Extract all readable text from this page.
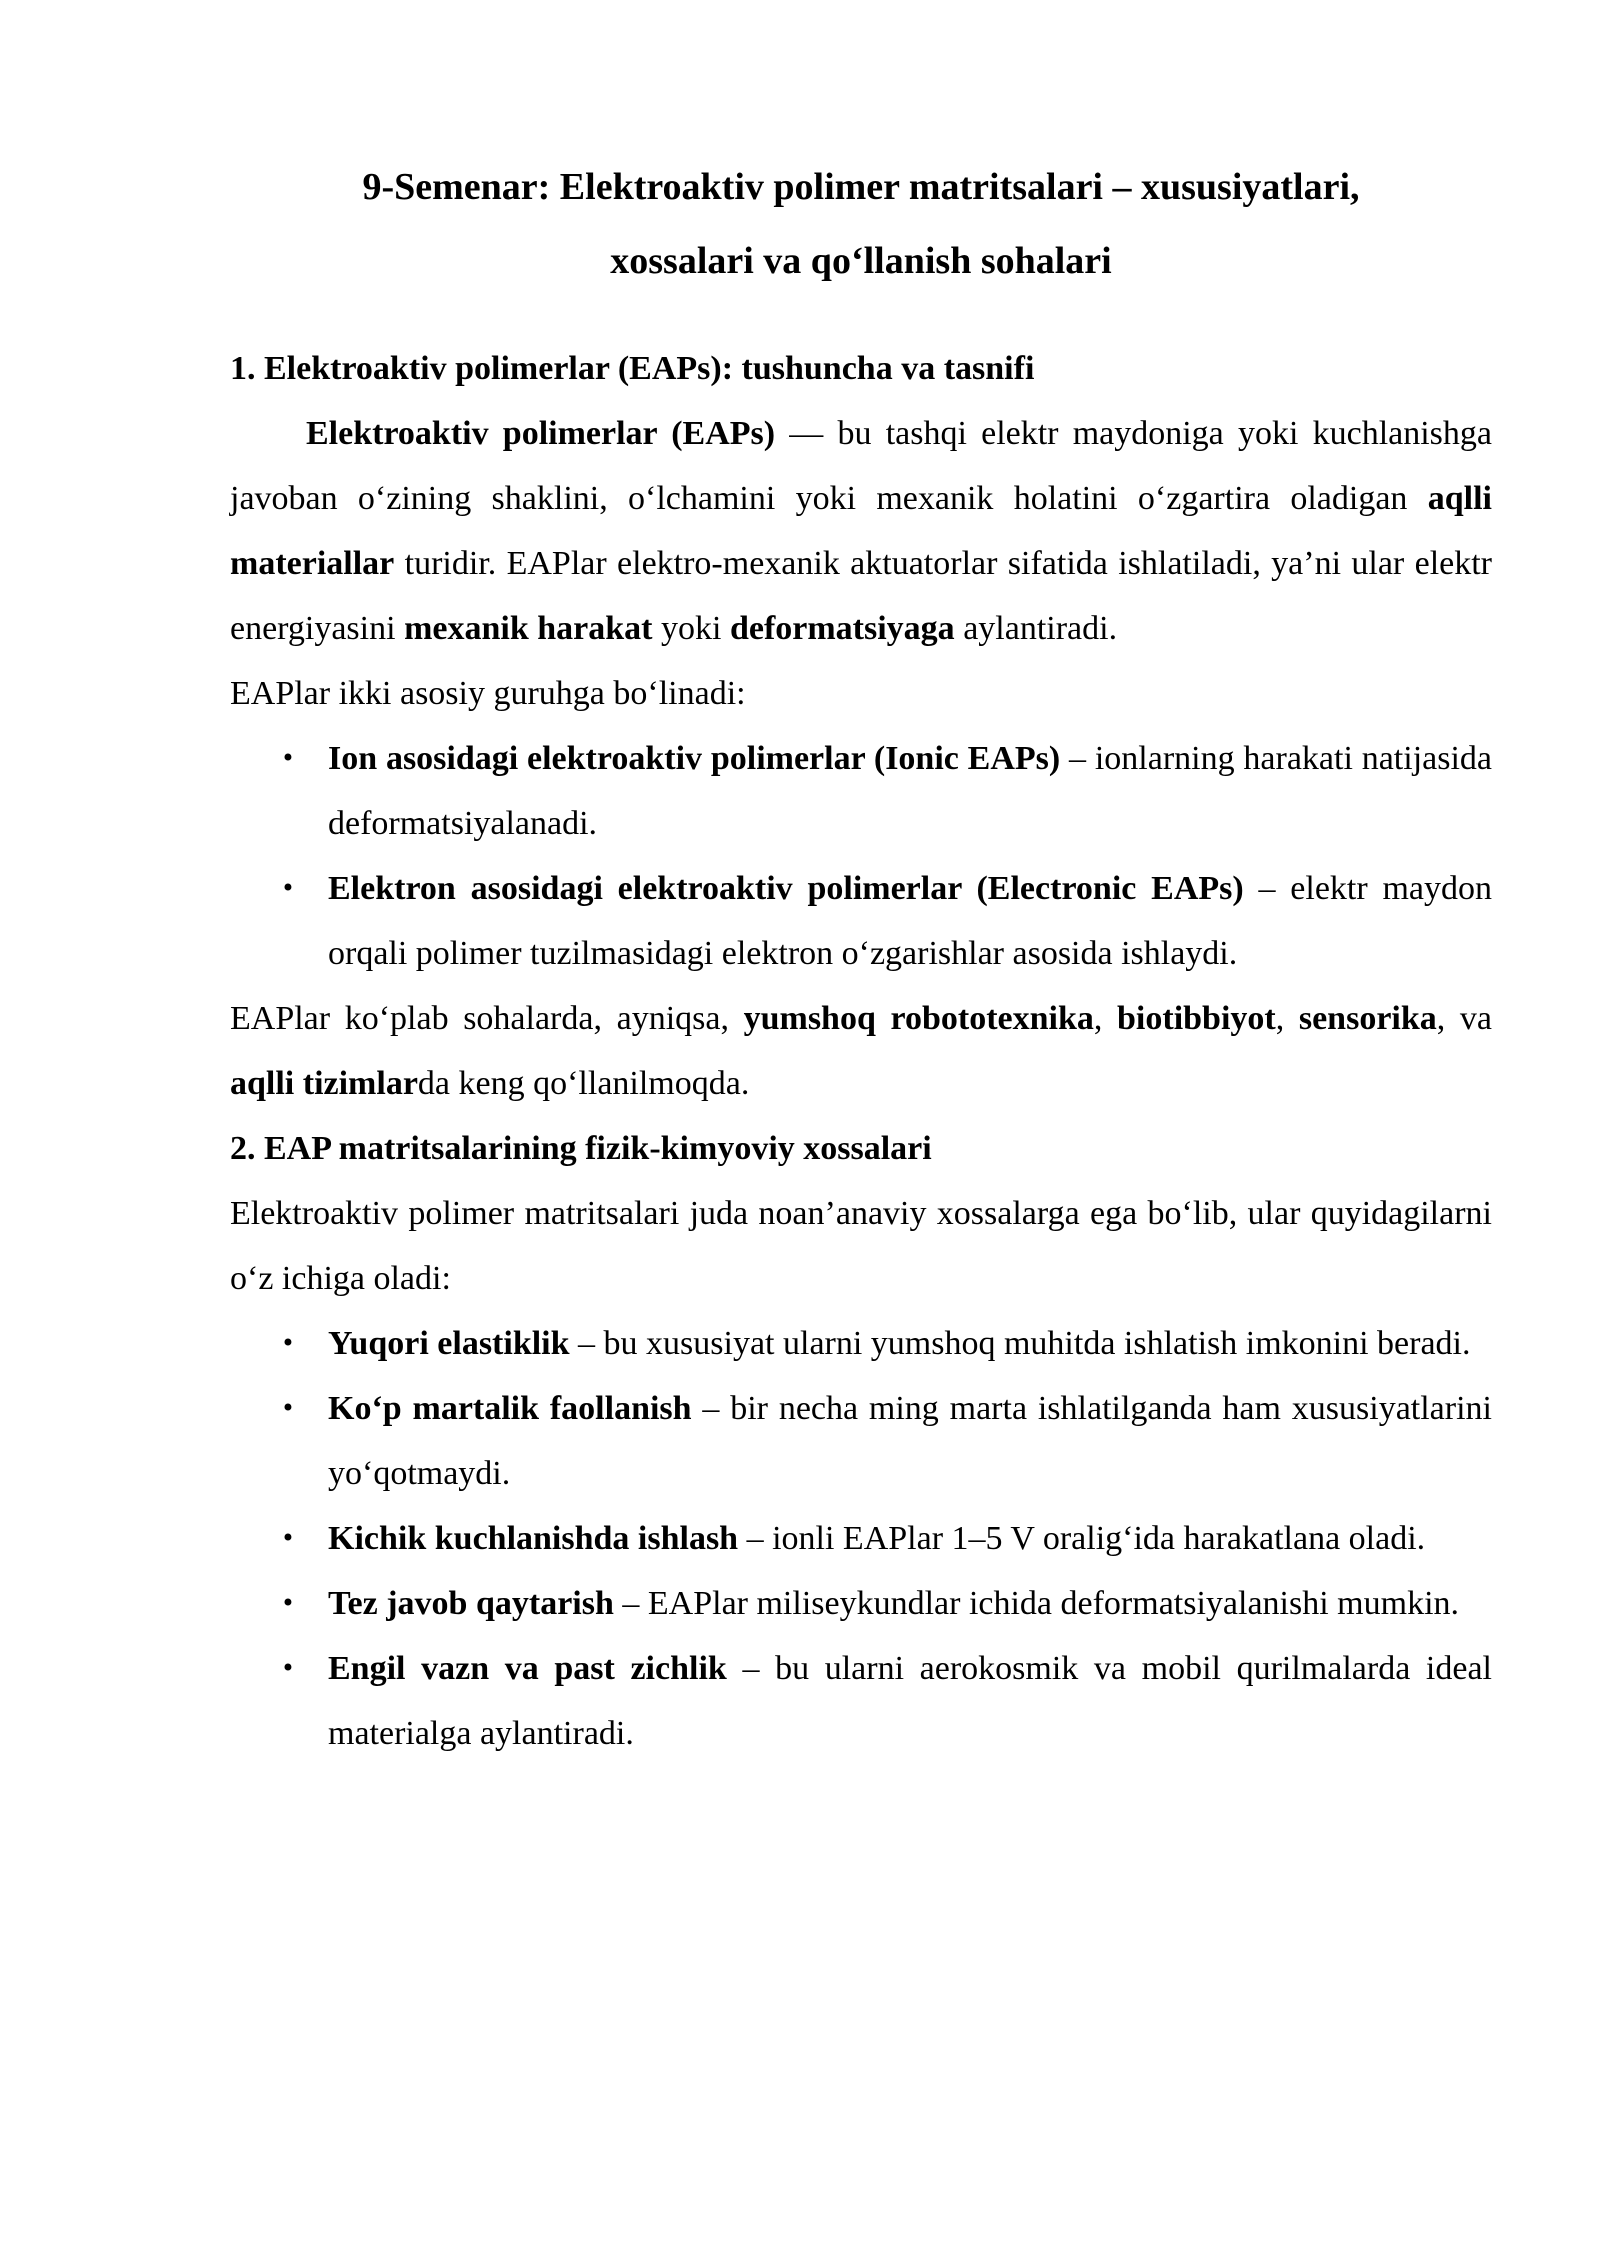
9-Semenar: Elektroaktiv polimer matritsalari – xususiyatlari,
xossalari va qo‘llanish sohalari

1. Elektroaktiv polimerlar (EAPs): tushuncha va tasnifi

Elektroaktiv polimerlar (EAPs) — bu tashqi elektr maydoniga yoki kuchlanishga javoban o‘zining shaklini, o‘lchamini yoki mexanik holatini o‘zgartira oladigan aqlli materiallar turidir. EAPlar elektro-mexanik aktuatorlar sifatida ishlatiladi, ya’ni ular elektr energiyasini mexanik harakat yoki deformatsiyaga aylantiradi.

EAPlar ikki asosiy guruhga bo‘linadi:

• Ion asosidagi elektroaktiv polimerlar (Ionic EAPs) – ionlarning harakati natijasida deformatsiyalanadi.
• Elektron asosidagi elektroaktiv polimerlar (Electronic EAPs) – elektr maydon orqali polimer tuzilmasidagi elektron o‘zgarishlar asosida ishlaydi.

EAPlar ko‘plab sohalarda, ayniqsa, yumshoq robototexnika, biotibbiyot, sensorika, va aqlli tizimlarda keng qo‘llanilmoqda.

2. EAP matritsalarining fizik-kimyoviy xossalari

Elektroaktiv polimer matritsalari juda noan’anaviy xossalarga ega bo‘lib, ular quyidagilarni o‘z ichiga oladi:

• Yuqori elastiklik – bu xususiyat ularni yumshoq muhitda ishlatish imkonini beradi.
• Ko‘p martalik faollanish – bir necha ming marta ishlatilganda ham xususiyatlarini yo‘qotmaydi.
• Kichik kuchlanishda ishlash – ionli EAPlar 1–5 V oralig‘ida harakatlana oladi.
• Tez javob qaytarish – EAPlar miliseykundlar ichida deformatsiyalanishi mumkin.
• Engil vazn va past zichlik – bu ularni aerokosmik va mobil qurilmalarda ideal materialga aylantiradi.
